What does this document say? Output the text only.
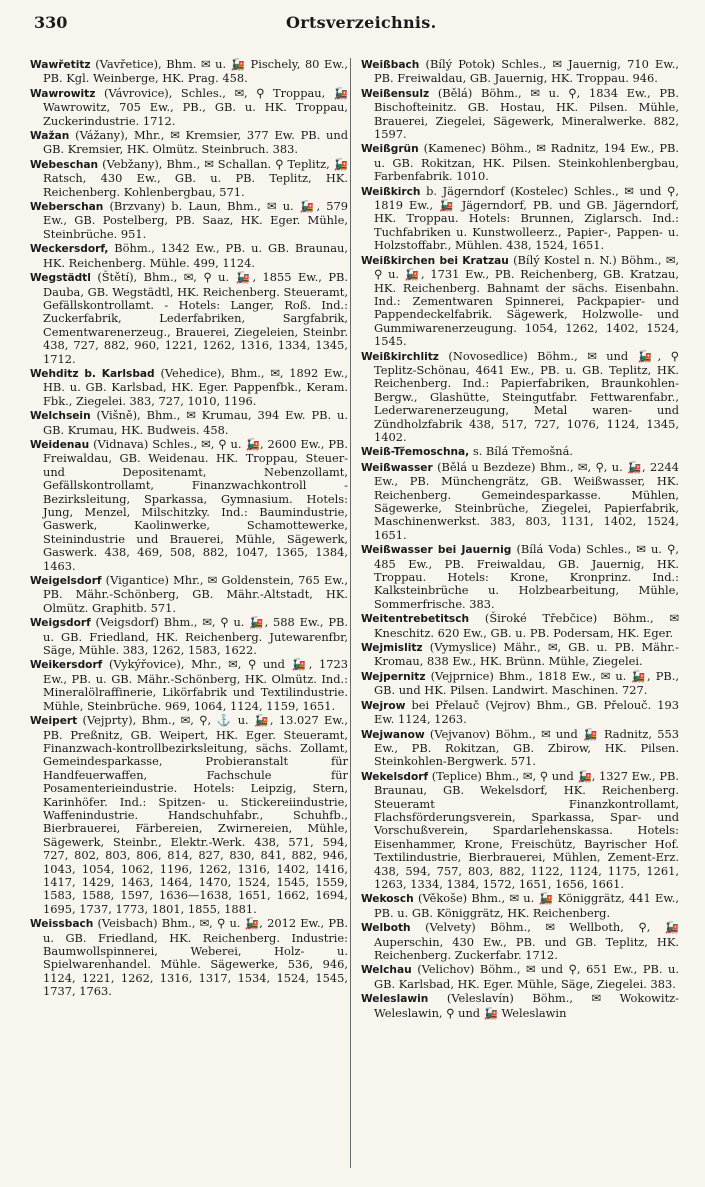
330	Ortsverzeichnis.

Wawřetitz (Vavřetice), Bhm. ✉ u. 🚂 Pischely, 80 Ew., PB. Kgl. Weinberge, HK. Prag. 458.

Wawrowitz (Vávrovice), Schles., ✉, ⚲ Troppau, 🚂 Wawrowitz, 705 Ew., PB., GB. u. HK. Troppau, Zuckerindustrie. 1712.

Wažan (Vážany), Mhr., ✉ Kremsier, 377 Ew. PB. und GB. Kremsier, HK. Olmütz. Steinbruch. 383.

Webeschan (Vebžany), Bhm., ✉ Schallan. ⚲ Teplitz, 🚂 Ratsch, 430 Ew., GB. u. PB. Teplitz, HK. Reichenberg. Kohlenbergbau, 571.

Weberschan (Brzvany) b. Laun, Bhm., ✉ u. 🚂, 579 Ew., GB. Postelberg, PB. Saaz, HK. Eger. Mühle, Steinbrüche. 951.

Weckersdorf, Böhm., 1342 Ew., PB. u. GB. Braunau, HK. Reichenberg. Mühle. 499, 1124.

Wegstädtl (Štětí), Bhm., ✉, ⚲ u. 🚂, 1855 Ew., PB. Dauba, GB. Wegstädtl, HK. Reichenberg. Steueramt, Gefällskontrollamt. - Hotels: Langer, Roß. Ind.: Zuckerfabrik, Lederfabriken, Sargfabrik, Cementwarenerzeug., Brauerei, Ziegeleien, Steinbr. 438, 727, 882, 960, 1221, 1262, 1316, 1334, 1345, 1712.

Wehditz b. Karlsbad (Vehedice), Bhm., ✉, 1892 Ew., HB. u. GB. Karlsbad, HK. Eger. Pappenfbk., Keram. Fbk., Ziegelei. 383, 727, 1010, 1196.

Welchsein (Višně), Bhm., ✉ Krumau, 394 Ew. PB. u. GB. Krumau, HK. Budweis. 458.

Weidenau (Vidnava) Schles., ✉, ⚲ u. 🚂, 2600 Ew., PB. Freiwaldau, GB. Weidenau. HK. Troppau, Steuer- und Depositenamt, Nebenzollamt, Gefällskontrollamt, Finanzwachkontroll - Bezirksleitung, Sparkassa, Gymnasium. Hotels: Jung, Menzel, Milschitzky. Ind.: Baumindustrie, Gaswerk, Kaolinwerke, Schamottewerke, Steinindustrie und Brauerei, Mühle, Sägewerk, Gaswerk. 438, 469, 508, 882, 1047, 1365, 1384, 1463.

Weigelsdorf (Vigantice) Mhr., ✉ Goldenstein, 765 Ew., PB. Mähr.-Schönberg, GB. Mähr.-Altstadt, HK. Olmütz. Graphitb. 571.

Weigsdorf (Veigsdorf) Bhm., ✉, ⚲ u. 🚂, 588 Ew., PB. u. GB. Friedland, HK. Reichenberg. Jutewarenfbr, Säge, Mühle. 383, 1262, 1583, 1622.

Weikersdorf (Vykýřovice), Mhr., ✉, ⚲ und 🚂, 1723 Ew., PB. u. GB. Mähr.-Schönberg, HK. Olmütz. Ind.: Mineralölraffinerie, Likörfabrik und Textilindustrie. Mühle, Steinbrüche. 969, 1064, 1124, 1159, 1651.

Weipert (Vejprty), Bhm., ✉, ⚲, ⚓ u. 🚂, 13.027 Ew., PB. Preßnitz, GB. Weipert, HK. Eger. Steueramt, Finanzwach-kontrollbezirksleitung, sächs. Zollamt, Gemeindesparkasse, Probieranstalt für Handfeuerwaffen, Fachschule für Posamenterieindustrie. Hotels: Leipzig, Stern, Karinhöfer. Ind.: Spitzen- u. Stickereiindustrie, Waffenindustrie. Handschuhfabr., Schuhfb., Bierbrauerei, Färbereien, Zwirnereien, Mühle, Sägewerk, Steinbr., Elektr.-Werk. 438, 571, 594, 727, 802, 803, 806, 814, 827, 830, 841, 882, 946, 1043, 1054, 1062, 1196, 1262, 1316, 1402, 1416, 1417, 1429, 1463, 1464, 1470, 1524, 1545, 1559, 1583, 1588, 1597, 1636—1638, 1651, 1662, 1694, 1695, 1737, 1773, 1801, 1855, 1881.

Weissbach (Veisbach) Bhm., ✉, ⚲ u. 🚂, 2012 Ew., PB. u. GB. Friedland, HK. Reichenberg. Industrie: Baumwollspinnerei, Weberei, Holz- u. Spielwarenhandel. Mühle. Sägewerke, 536, 946, 1124, 1221, 1262, 1316, 1317, 1534, 1524, 1545, 1737, 1763.

Weißbach (Bílý Potok) Schles., ✉ Jauernig, 710 Ew., PB. Freiwaldau, GB. Jauernig, HK. Troppau. 946.

Weißensulz (Bělá) Böhm., ✉ u. ⚲, 1834 Ew., PB. Bischofteinitz. GB. Hostau, HK. Pilsen. Mühle, Brauerei, Ziegelei, Sägewerk, Mineralwerke. 882, 1597.

Weißgrün (Kamenec) Böhm., ✉ Radnitz, 194 Ew., PB. u. GB. Rokitzan, HK. Pilsen. Steinkohlenbergbau, Farbenfabrik. 1010.

Weißkirch b. Jägerndorf (Kostelec) Schles., ✉ und ⚲, 1819 Ew., 🚂 Jägerndorf, PB. und GB. Jägerndorf, HK. Troppau. Hotels: Brunnen, Ziglarsch. Ind.: Tuchfabriken u. Kunstwolleerz., Papier-, Pappen- u. Holzstoffabr., Mühlen. 438, 1524, 1651.

Weißkirchen bei Kratzau (Bílý Kostel n. N.) Böhm., ✉, ⚲ u. 🚂, 1731 Ew., PB. Reichenberg, GB. Kratzau, HK. Reichenberg. Bahnamt der sächs. Eisenbahn. Ind.: Zementwaren Spinnerei, Packpapier- und Pappendeckelfabrik. Sägewerk, Holzwolle- und Gummiwarenerzeugung. 1054, 1262, 1402, 1524, 1545.

Weißkirchlitz (Novosedlice) Böhm., ✉ und 🚂, ⚲ Teplitz-Schönau, 4641 Ew., PB. u. GB. Teplitz, HK. Reichenberg. Ind.: Papierfabriken, Braunkohlen-Bergw., Glashütte, Steingutfabr. Fettwarenfabr., Lederwarenerzeugung, Metal waren- und Zündholzfabrik 438, 517, 727, 1076, 1124, 1345, 1402.

Weiß-Třemoschna, s. Bílá Třemošná.

Weißwasser (Bělá u Bezdeze) Bhm., ✉, ⚲, u. 🚂, 2244 Ew., PB. Münchengrätz, GB. Weißwasser, HK. Reichenberg. Gemeindesparkasse. Mühlen, Sägewerke, Steinbrüche, Ziegelei, Papierfabrik, Maschinenwerkst. 383, 803, 1131, 1402, 1524, 1651.

Weißwasser bei Jauernig (Bílá Voda) Schles., ✉ u. ⚲, 485 Ew., PB. Freiwaldau, GB. Jauernig, HK. Troppau. Hotels: Krone, Kronprinz. Ind.: Kalksteinbrüche u. Holzbearbeitung, Mühle, Sommerfrische. 383.

Weitentrebetitsch (Široké Třebčice) Böhm., ✉ Kneschitz. 620 Ew., GB. u. PB. Podersam, HK. Eger.

Wejmislitz (Vymyslice) Mähr., ✉, GB. u. PB. Mähr.-Kromau, 838 Ew., HK. Brünn. Mühle, Ziegelei.

Wejpernitz (Vejprnice) Bhm., 1818 Ew., ✉ u. 🚂, PB., GB. und HK. Pilsen. Landwirt. Maschinen. 727.

Wejrow bei Přelauč (Vejrov) Bhm., GB. Přelouč. 193 Ew. 1124, 1263.

Wejwanow (Vejvanov) Böhm., ✉ und 🚂 Radnitz, 553 Ew., PB. Rokitzan, GB. Zbirow, HK. Pilsen. Steinkohlen-Bergwerk. 571.

Wekelsdorf (Teplice) Bhm., ✉, ⚲ und 🚂, 1327 Ew., PB. Braunau, GB. Wekelsdorf, HK. Reichenberg. Steueramt Finanzkontrollamt, Flachsförderungsverein, Sparkassa, Spar- und Vorschußverein, Spardarlehenskassa. Hotels: Eisenhammer, Krone, Freischütz, Bayrischer Hof. Textilindustrie, Bierbrauerei, Mühlen, Zement-Erz. 438, 594, 757, 803, 882, 1122, 1124, 1175, 1261, 1263, 1334, 1384, 1572, 1651, 1656, 1661.

Wekosch (Věkoše) Bhm., ✉ u. 🚂 Königgrätz, 441 Ew., PB. u. GB. Königgrätz, HK. Reichenberg.

Welboth (Velvety) Böhm., ✉ Wellboth, ⚲, 🚂 Auperschin, 430 Ew., PB. und GB. Teplitz, HK. Reichenberg. Zuckerfabr. 1712.

Welchau (Velichov) Böhm., ✉ und ⚲, 651 Ew., PB. u. GB. Karlsbad, HK. Eger. Mühle, Säge, Ziegelei. 383.

Weleslawin (Veleslavín) Böhm., ✉ Wokowitz-Weleslawin, ⚲ und 🚂 Weleslawin
